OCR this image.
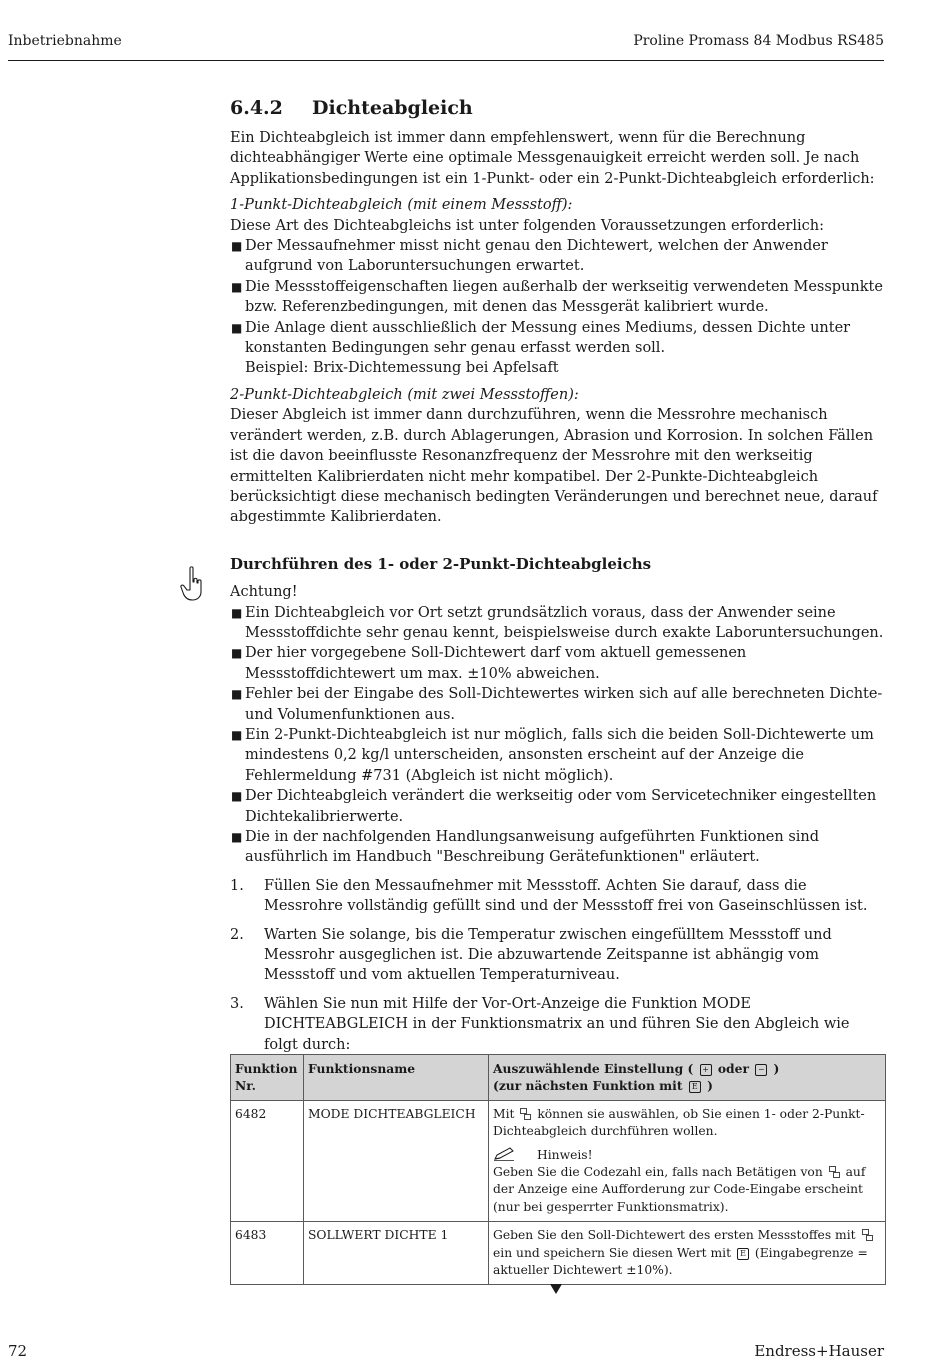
Inbetriebnahme	Proline Promass 84 Modbus RS485
6.4.2 Dichteabgleich

Ein Dichteabgleich ist immer dann empfehlenswert, wenn für die Berechnung dichteabhängiger Werte eine optimale Messgenauigkeit erreicht werden soll. Je nach Applikationsbedingungen ist ein 1-Punkt- oder ein 2-Punkt-Dichteabgleich erforderlich:

1-Punkt-Dichteabgleich (mit einem Messstoff):

Diese Art des Dichteabgleichs ist unter folgenden Voraussetzungen erforderlich:

■ Der Messaufnehmer misst nicht genau den Dichtewert, welchen der Anwender aufgrund von Laboruntersuchungen erwartet.
■ Die Messstoffeigenschaften liegen außerhalb der werkseitig verwendeten Messpunkte bzw. Referenzbedingungen, mit denen das Messgerät kalibriert wurde.
■ Die Anlage dient ausschließlich der Messung eines Mediums, dessen Dichte unter konstanten Bedingungen sehr genau erfasst werden soll.
Beispiel: Brix-Dichtemessung bei Apfelsaft

2-Punkt-Dichteabgleich (mit zwei Messstoffen):

Dieser Abgleich ist immer dann durchzuführen, wenn die Messrohre mechanisch verändert werden, z.B. durch Ablagerungen, Abrasion und Korrosion. In solchen Fällen ist die davon beeinflusste Resonanzfrequenz der Messrohre mit den werkseitig ermittelten Kalibrierdaten nicht mehr kompatibel. Der 2-Punkte-Dichteabgleich berücksichtigt diese mechanisch bedingten Veränderungen und berechnet neue, darauf abgestimmte Kalibrierdaten.

Durchführen des 1- oder 2-Punkt-Dichteabgleichs

Achtung!

■ Ein Dichteabgleich vor Ort setzt grundsätzlich voraus, dass der Anwender seine Messstoffdichte sehr genau kennt, beispielsweise durch exakte Laboruntersuchungen.
■ Der hier vorgegebene Soll-Dichtewert darf vom aktuell gemessenen Messstoffdichtewert um max. ±10% abweichen.
■ Fehler bei der Eingabe des Soll-Dichtewertes wirken sich auf alle berechneten Dichte- und Volumenfunktionen aus.
■ Ein 2-Punkt-Dichteabgleich ist nur möglich, falls sich die beiden Soll-Dichtewerte um mindestens 0,2 kg/l unterscheiden, ansonsten erscheint auf der Anzeige die Fehlermeldung #731 (Abgleich ist nicht möglich).
■ Der Dichteabgleich verändert die werkseitig oder vom Servicetechniker eingestellten Dichtekalibrierwerte.
■ Die in der nachfolgenden Handlungsanweisung aufgeführten Funktionen sind ausführlich im Handbuch "Beschreibung Gerätefunktionen" erläutert.
1. Füllen Sie den Messaufnehmer mit Messstoff. Achten Sie darauf, dass die Messrohre vollständig gefüllt sind und der Messstoff frei von Gaseinschlüssen ist.
2. Warten Sie solange, bis die Temperatur zwischen eingefülltem Messstoff und Messrohr ausgeglichen ist. Die abzuwartende Zeitspanne ist abhängig vom Messstoff und vom aktuellen Temperaturniveau.
3. Wählen Sie nun mit Hilfe der Vor-Ort-Anzeige die Funktion MODE DICHTEABGLEICH in der Funktionsmatrix an und führen Sie den Abgleich wie folgt durch:
Funktion
Nr.	Funktionsname	Auszuwählende Einstellung ( + oder − )
(zur nächsten Funktion mit E )
6482	MODE DICHTEABGLEICH	Mit können sie auswählen, ob Sie einen 1- oder 2-Punkt-Dichteabgleich durchführen wollen.
Hinweis!
Geben Sie die Codezahl ein, falls nach Betätigen von auf der Anzeige eine Aufforderung zur Code-Eingabe erscheint (nur bei gesperrter Funktionsmatrix).
6483	SOLLWERT DICHTE 1	Geben Sie den Soll-Dichtewert des ersten Messstoffes mit  ein und speichern Sie diesen Wert mit E (Eingabegrenze = aktueller Dichtewert ±10%).
72	Endress+Hauser
